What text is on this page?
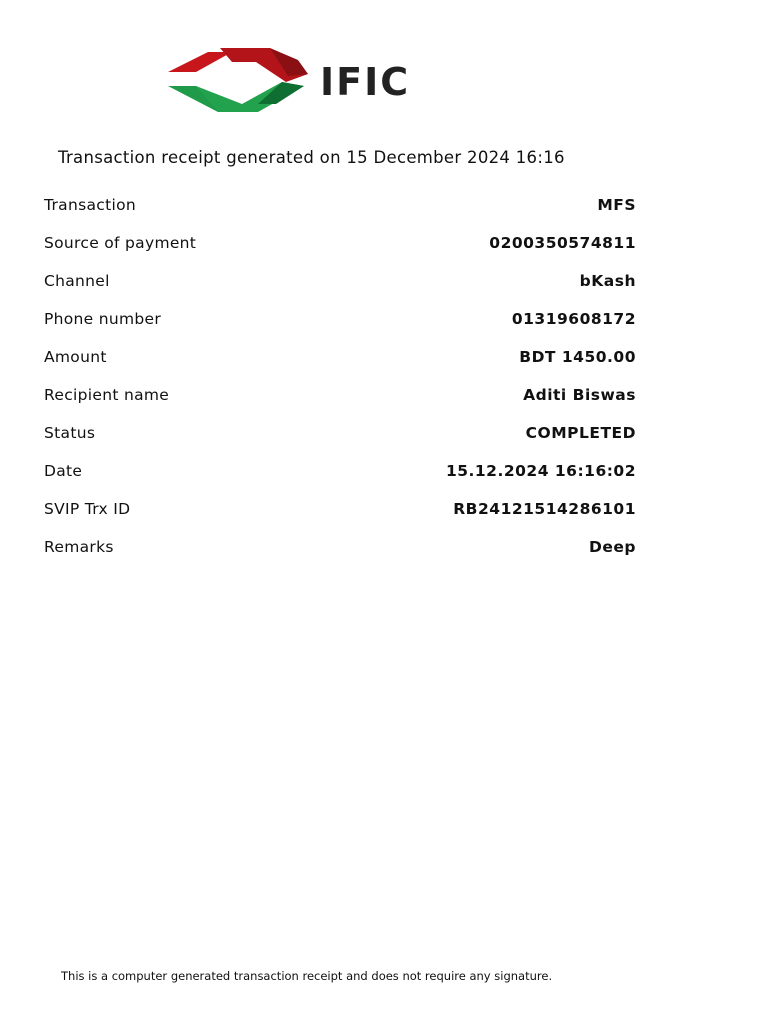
IFIC
Transaction receipt generated on 15 December 2024 16:16
Transaction	MFS
Source of payment	0200350574811
Channel	bKash
Phone number	01319608172
Amount	BDT 1450.00
Recipient name	Aditi Biswas
Status	COMPLETED
Date	15.12.2024 16:16:02
SVIP Trx ID	RB24121514286101
Remarks	Deep
This is a computer generated transaction receipt and does not require any signature.
